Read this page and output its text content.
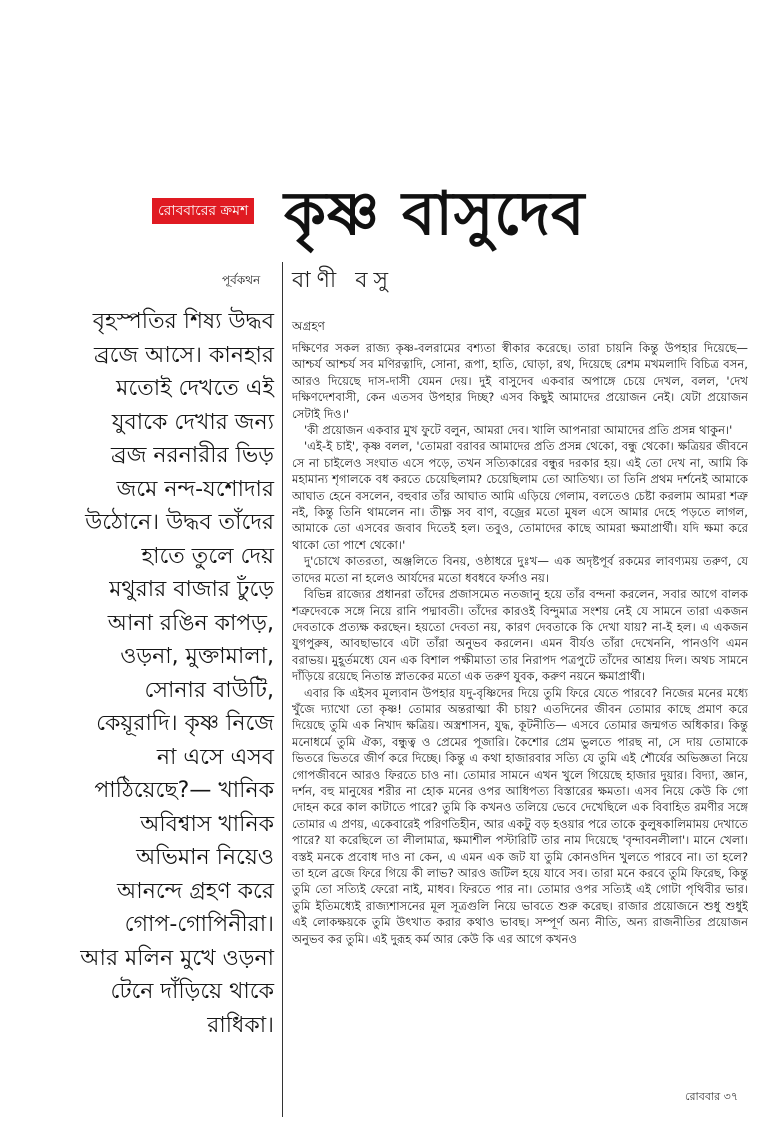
রোববারের ক্রমশ কৃষ্ণ বাসুদেব
পূর্বকথন বাণী বসু

বৃহস্পতির শিষ্য উদ্ধব ব্রজে আসে। কানহার মতোই দেখতে এই যুবাকে দেখার জন্য ব্রজ নরনারীর ভিড় জমে নন্দ-যশোদার উঠোনে। উদ্ধব তাঁদের হাতে তুলে দেয় মথুরার বাজার ঢুঁড়ে আনা রঙিন কাপড়, ওড়না, মুক্তামালা, সোনার বাউটি, কেয়ূরাদি। কৃষ্ণ নিজে না এসে এসব পাঠিয়েছে?— খানিক অবিশ্বাস খানিক অভিমান নিয়েও আনন্দে গ্রহণ করে গোপ-গোপিনীরা। আর মলিন মুখে ওড়না টেনে দাঁড়িয়ে থাকে রাধিকা।

অগ্রহণ

দক্ষিণের সকল রাজ্য কৃষ্ণ-বলরামের বশ্যতা স্বীকার করেছে। তারা চায়নি কিন্তু উপহার দিয়েছে— আশ্চর্য আশ্চর্য সব মণিরত্নাদি, সোনা, রূপা, হাতি, ঘোড়া, রথ, দিয়েছে রেশম মখমলাদি বিচিত্র বসন, আরও দিয়েছে দাস-দাসী যেমন দেয়। দুই বাসুদেব একবার অপাঙ্গে চেয়ে দেখল, বলল, 'দেখ দক্ষিণদেশবাসী, কেন এতসব উপহার দিচ্ছ? এসব কিছুই আমাদের প্রয়োজন নেই। যেটা প্রয়োজন সেটাই দিও।'

'কী প্রয়োজন একবার মুখ ফুটে বলুন, আমরা দেব। খালি আপনারা আমাদের প্রতি প্রসন্ন থাকুন।'

'এই-ই চাই', কৃষ্ণ বলল, 'তোমরা বরাবর আমাদের প্রতি প্রসন্ন থেকো, বন্ধু থেকো। ক্ষত্রিয়র জীবনে সে না চাইলেও সংঘাত এসে পড়ে, তখন সত্যিকারের বন্ধুর দরকার হয়। এই তো দেখ না, আমি কি মহামান্য শৃগালকে বধ করতে চেয়েছিলাম? চেয়েছিলাম তো আতিথ্য। তা তিনি প্রথম দর্শনেই আমাকে আঘাত হেনে বসলেন, বহুবার তাঁর আঘাত আমি এড়িয়ে গেলাম, বলতেও চেষ্টা করলাম আমরা শত্রু নই, কিন্তু তিনি থামলেন না। তীক্ষ্ণ সব বাণ, বজ্রের মতো মুষল এসে আমার দেহে পড়তে লাগল, আমাকে তো এসবের জবাব দিতেই হল। তবুও, তোমাদের কাছে আমরা ক্ষমাপ্রার্থী। যদি ক্ষমা করে থাকো তো পাশে থেকো।'

দু'চোখে কাতরতা, অঞ্জলিতে বিনয়, ওষ্ঠাধরে দুঃখ— এক অদৃষ্টপূর্ব রকমের লাবণ্যময় তরুণ, যে তাদের মতো না হলেও আর্যদের মতো ধবধবে ফর্সাও নয়।

বিভিন্ন রাজ্যের প্রধানরা তাঁদের প্রজাসমেত নতজানু হয়ে তাঁর বন্দনা করলেন, সবার আগে বালক শত্রুদেবকে সঙ্গে নিয়ে রানি পদ্মাবতী। তাঁদের কারওই বিন্দুমাত্র সংশয় নেই যে সামনে তারা একজন দেবতাকে প্রত্যক্ষ করছেন। হয়তো দেবতা নয়, কারণ দেবতাকে কি দেখা যায়? না-ই হল। এ একজন যুগপুরুষ, আবছাভাবে এটা তাঁরা অনুভব করলেন। এমন বীর্যও তাঁরা দেখেননি, পানওণি এমন বরাভয়। মুহূর্তমধ্যে যেন এক বিশাল পক্ষীমাতা তার নিরাপদ পত্রপুটে তাঁদের আশ্রয় দিল। অথচ সামনে দাঁড়িয়ে রয়েছে নিতান্ত স্নাতকের মতো এক তরুণ যুবক, করুণ নয়নে ক্ষমাপ্রার্থী।

এবার কি এইসব মূল্যবান উপহার যদু-বৃষ্ণিদের দিয়ে তুমি ফিরে যেতে পারবে? নিজের মনের মধ্যে খুঁজে দ্যাখো তো কৃষ্ণ! তোমার অন্তরাত্মা কী চায়? এতদিনের জীবন তোমার কাছে প্রমাণ করে দিয়েছে তুমি এক নিখাদ ক্ষত্রিয়। অস্ত্রশাসন, যুদ্ধ, কূটনীতি— এসবে তোমার জন্মগত অধিকার। কিন্তু মনোধর্মে তুমি ঐক্য, বন্ধুত্ব ও প্রেমের পূজারি। কৈশোর প্রেম ভুলতে পারছ না, সে দায় তোমাকে ভিতরে ভিতরে জীর্ণ করে দিচ্ছে। কিন্তু এ কথা হাজারবার সত্যি যে তুমি এই শৌর্যের অভিজ্ঞতা নিয়ে গোপজীবনে আরও ফিরতে চাও না। তোমার সামনে এখন খুলে গিয়েছে হাজার দুয়ার। বিদ্যা, জ্ঞান, দর্শন, বহু মানুষের শরীর না হোক মনের ওপর আধিপত্য বিস্তারের ক্ষমতা। এসব নিয়ে কেউ কি গো দোহন করে কাল কাটাতে পারে? তুমি কি কখনও তলিয়ে ভেবে দেখেছিলে এক বিবাহিত রমণীর সঙ্গে তোমার এ প্রণয়, একেবারেই পরিণতিহীন, আর একটু বড় হওয়ার পরে তাকে কুলুষকালিমাময় দেখাতে পারে? যা করেছিলে তা লীলামাত্র, ক্ষমাশীল পস্টারিটি তার নাম দিয়েছে 'বৃন্দাবনলীলা'। মানে খেলা। বস্তই মনকে প্রবোধ দাও না কেন, এ এমন এক জট যা তুমি কোনওদিন খুলতে পারবে না। তা হলে? তা হলে ব্রজে ফিরে গিয়ে কী লাভ? আরও জটিল হয়ে যাবে সব। তারা মনে করবে তুমি ফিরেছ, কিন্তু তুমি তো সত্যিই ফেরো নাই, মাধব। ফিরতে পার না। তোমার ওপর সত্যিই এই গোটা পৃথিবীর ভার। তুমি ইতিমধ্যেই রাজ্যশাসনের মূল সূত্রগুলি নিয়ে ভাবতে শুরু করেছ। রাজার প্রয়োজনে শুধু শুধুই এই লোকক্ষয়কে তুমি উৎখাত করার কথাও ভাবছ। সম্পূর্ণ অন্য নীতি, অন্য রাজনীতির প্রয়োজন অনুভব কর তুমি। এই দুরূহ কর্ম আর কেউ কি এর আগে কখনও

রোববার ৩৭
